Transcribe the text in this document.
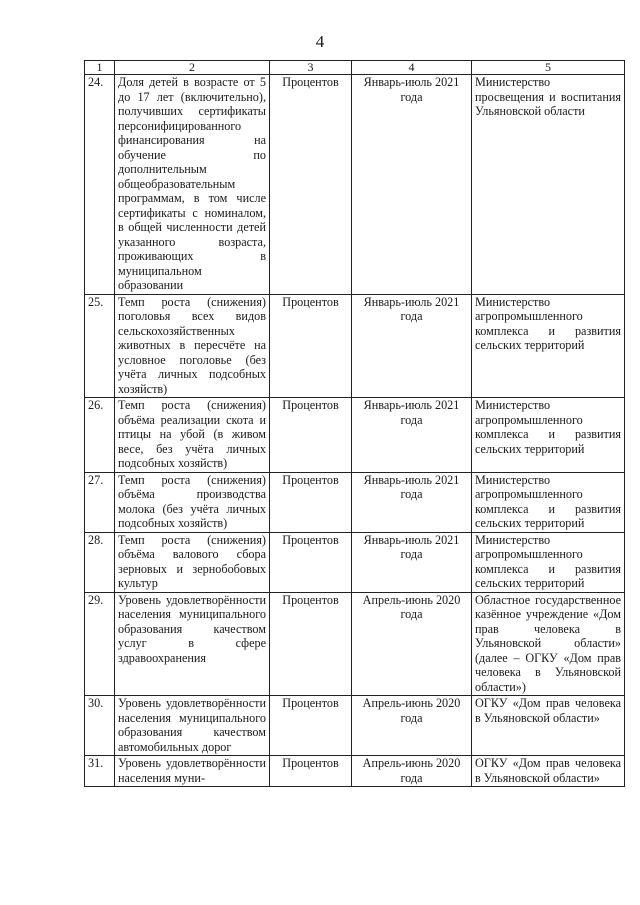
4
1	2	3	4	5
24.	Доля детей в возрасте от 5 до 17 лет (включительно), получивших сертификаты персонифицированного финансирования на обучение по дополнительным общеобразовательным программам, в том числе сертификаты с номиналом, в общей численности детей указанного возраста, проживающих в муниципальном образовании	Процентов	Январь-июль 2021 года	Министерство просвещения и воспитания Ульяновской области
25.	Темп роста (снижения) поголовья всех видов сельскохозяйственных животных в пересчёте на условное поголовье (без учёта личных подсобных хозяйств)	Процентов	Январь-июль 2021 года	Министерство агропромышленного комплекса и развития сельских территорий
26.	Темп роста (снижения) объёма реализации скота и птицы на убой (в живом весе, без учёта личных подсобных хозяйств)	Процентов	Январь-июль 2021 года	Министерство агропромышленного комплекса и развития сельских территорий
27.	Темп роста (снижения) объёма производства молока (без учёта личных подсобных хозяйств)	Процентов	Январь-июль 2021 года	Министерство агропромышленного комплекса и развития сельских территорий
28.	Темп роста (снижения) объёма валового сбора зерновых и зернобобовых культур	Процентов	Январь-июль 2021 года	Министерство агропромышленного комплекса и развития сельских территорий
29.	Уровень удовлетворённости населения муниципального образования качеством услуг в сфере здравоохранения	Процентов	Апрель-июнь 2020 года	Областное государственное казённое учреждение «Дом прав человека в Ульяновской области» (далее – ОГКУ «Дом прав человека в Ульяновской области»)
30.	Уровень удовлетворённости населения муниципального образования качеством автомобильных дорог	Процентов	Апрель-июнь 2020 года	ОГКУ «Дом прав человека в Ульяновской области»
31.	Уровень удовлетворённости населения муни-	Процентов	Апрель-июнь 2020 года	ОГКУ «Дом прав человека в Ульяновской области»
